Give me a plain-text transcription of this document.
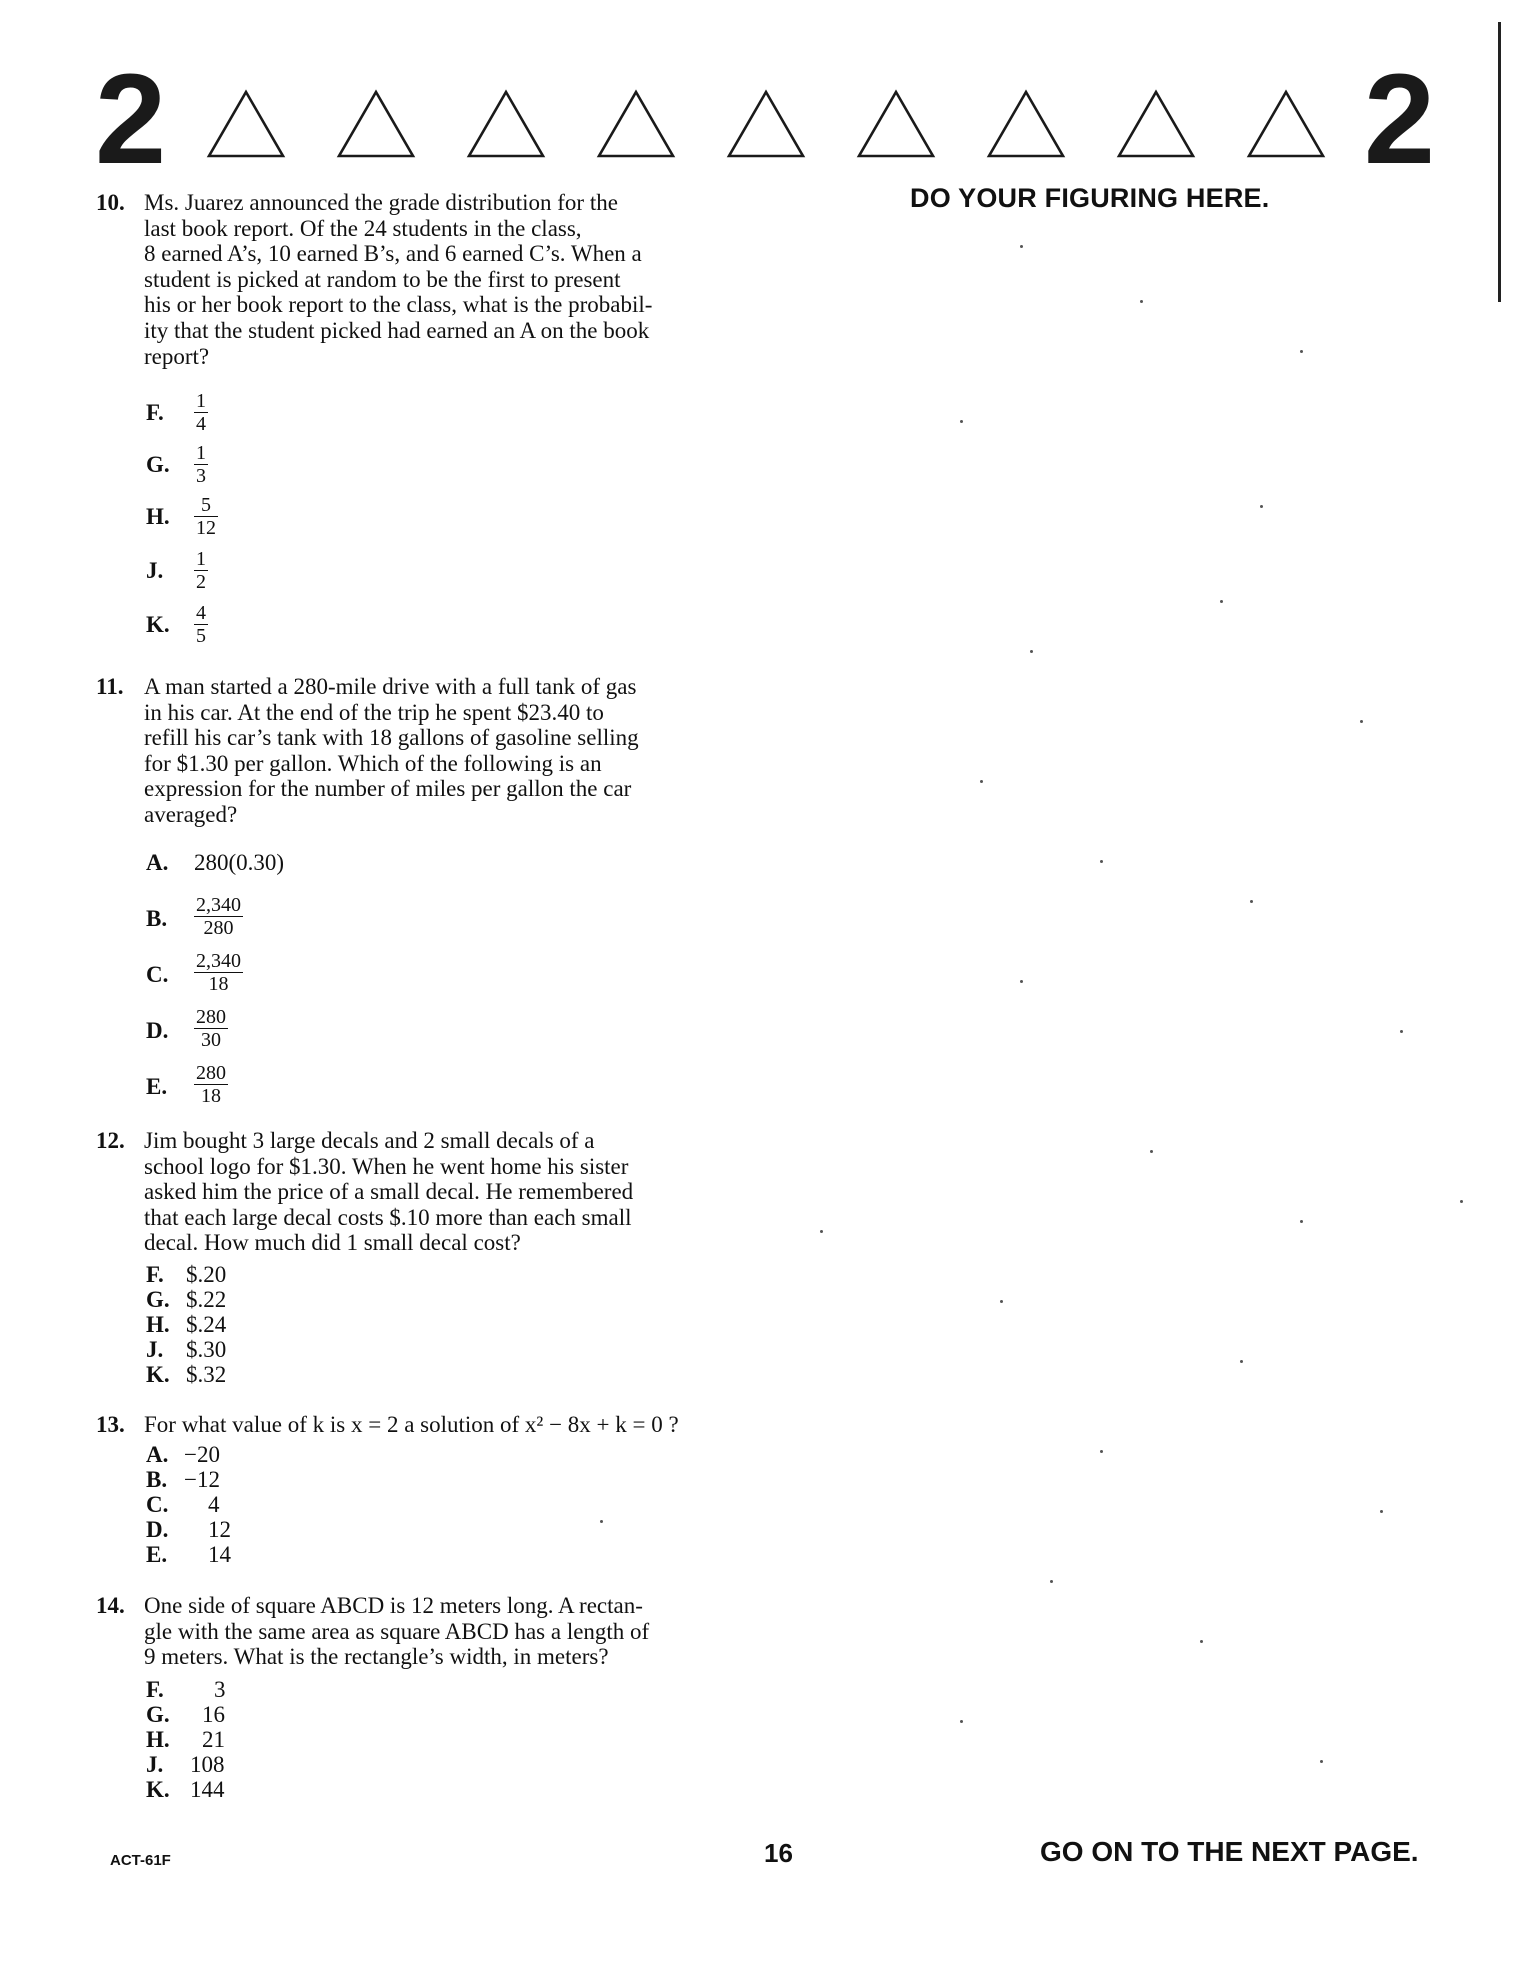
2	2
DO YOUR FIGURING HERE.
10. Ms. Juarez announced the grade distribution for the
last book report. Of the 24 students in the class,
8 earned A’s, 10 earned B’s, and 6 earned C’s. When a
student is picked at random to be the first to present
his or her book report to the class, what is the probabil-
ity that the student picked had earned an A on the book
report?
F. $\frac{1}{4}$
G. $\frac{1}{3}$
H. $\frac{5}{12}$
J. $\frac{1}{2}$
K. $\frac{4}{5}$
11. A man started a 280-mile drive with a full tank of gas
in his car. At the end of the trip he spent $23.40 to
refill his car’s tank with 18 gallons of gasoline selling
for $1.30 per gallon. Which of the following is an
expression for the number of miles per gallon the car
averaged?
A. 280(0.30)
B. $\frac{2,340}{280}$
C. $\frac{2,340}{18}$
D. $\frac{280}{30}$
E. $\frac{280}{18}$
12. Jim bought 3 large decals and 2 small decals of a
school logo for $1.30. When he went home his sister
asked him the price of a small decal. He remembered
that each large decal costs $.10 more than each small
decal. How much did 1 small decal cost?
F. $.20
G. $.22
H. $.24
J. $.30
K. $.32
13. For what value of k is x = 2 a solution of x² − 8x + k = 0 ?
A. −20
B. −12
C. 4
D. 12
E. 14
14. One side of square ABCD is 12 meters long. A rectan-
gle with the same area as square ABCD has a length of
9 meters. What is the rectangle’s width, in meters?
F. 3
G. 16
H. 21
J. 108
K. 144
ACT-61F	16	GO ON TO THE NEXT PAGE.
